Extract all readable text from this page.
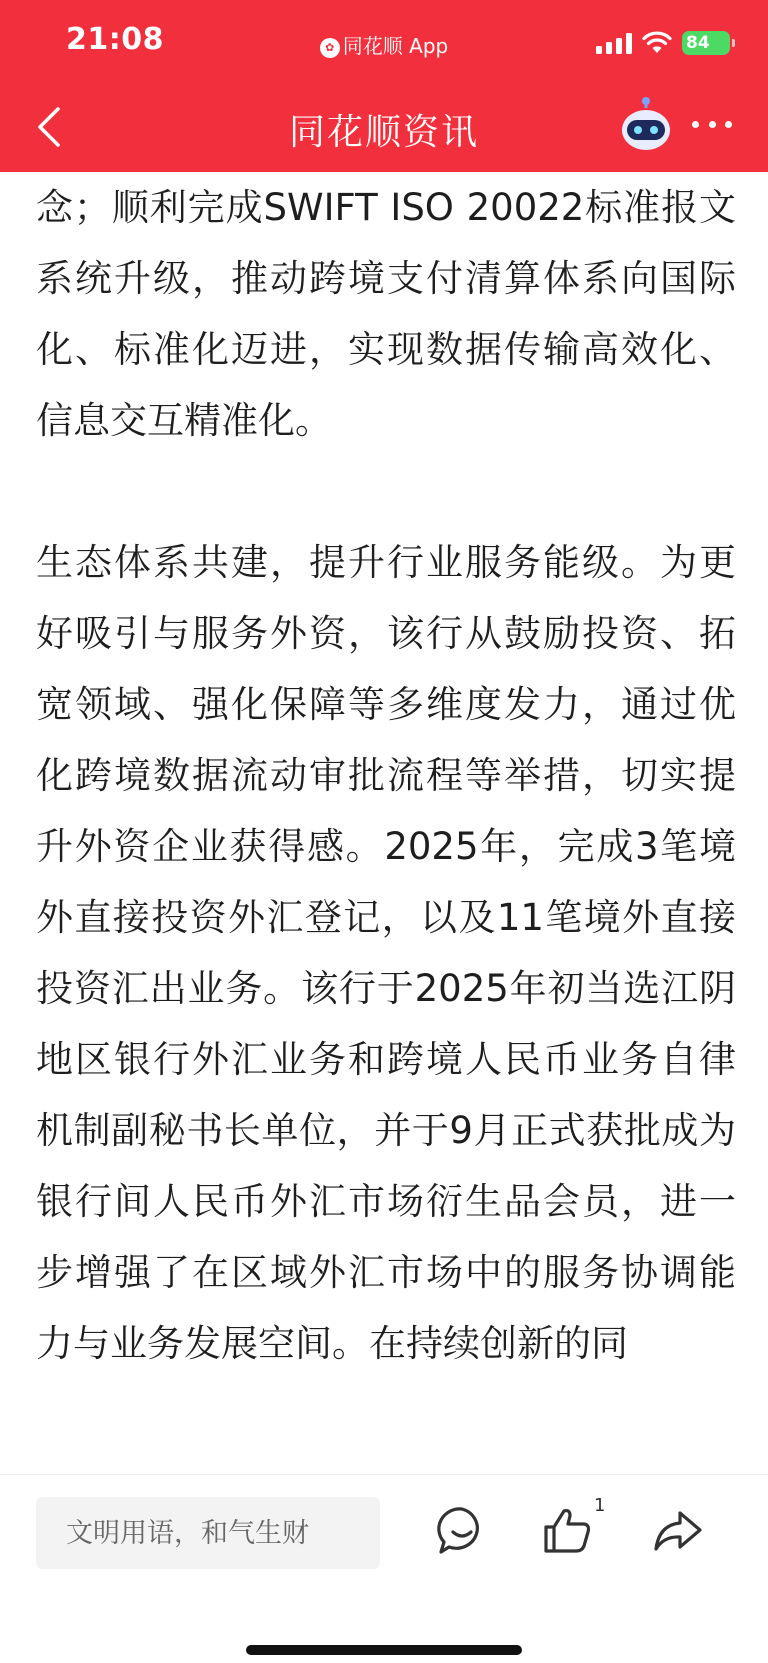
21:08	✿ 同花顺 App	84
同花顺资讯

念；顺利完成SWIFT ISO 20022标准报文系统升级，推动跨境支付清算体系向国际化、标准化迈进，实现数据传输高效化、信息交互精准化。

生态体系共建，提升行业服务能级。为更好吸引与服务外资，该行从鼓励投资、拓宽领域、强化保障等多维度发力，通过优化跨境数据流动审批流程等举措，切实提升外资企业获得感。2025年，完成3笔境外直接投资外汇登记，以及11笔境外直接投资汇出业务。该行于2025年初当选江阴地区银行外汇业务和跨境人民币业务自律机制副秘书长单位，并于9月正式获批成为银行间人民币外汇市场衍生品会员，进一步增强了在区域外汇市场中的服务协调能力与业务发展空间。在持续创新的同

文明用语，和气生财
1
